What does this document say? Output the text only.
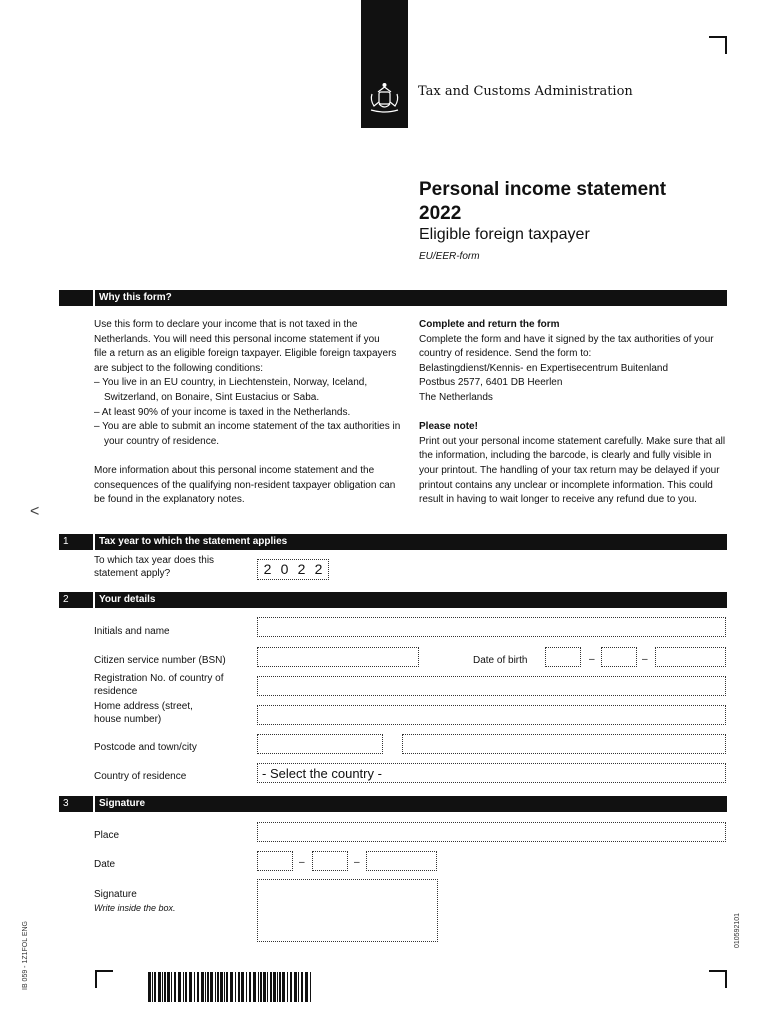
Tax and Customs Administration
Personal income statement 2022
Eligible foreign taxpayer
EU/EER-form
Why this form?

Use this form to declare your income that is not taxed in the

Netherlands. You will need this personal income statement if you

file a return as an eligible foreign taxpayer. Eligible foreign taxpayers

are subject to the following conditions:

– You live in an EU country, in Liechtenstein, Norway, Iceland, Switzerland, on Bonaire, Sint Eustacius or Saba.

– At least 90% of your income is taxed in the Netherlands.

– You are able to submit an income statement of the tax authorities in your country of residence.

More information about this personal income statement and the consequences of the qualifying non-resident taxpayer obligation can be found in the explanatory notes.

Complete and return the form

Complete the form and have it signed by the tax authorities of your country of residence. Send the form to:

Belastingdienst/Kennis- en Expertisecentrum Buitenland

Postbus 2577, 6401 DB Heerlen

The Netherlands

Please note!

Print out your personal income statement carefully. Make sure that all the information, including the barcode, is clearly and fully visible in your printout. The handling of your tax return may be delayed if your printout contains any unclear or incomplete information. This could result in having to wait longer to receive any refund due to you.

<
1	Tax year to which the statement applies
To which tax year does this statement apply?	2 0 2 2
2	Your details
Initials and name
Citizen service number (BSN)	Date of birth	–	–
Registration No. of country of residence
Home address (street, house number)
Postcode and town/city
Country of residence	- Select the country -
3	Signature
Place
Date	–	–
Signature
Write inside the box.
IB 059 - 1Z1FOL ENG	010592101
